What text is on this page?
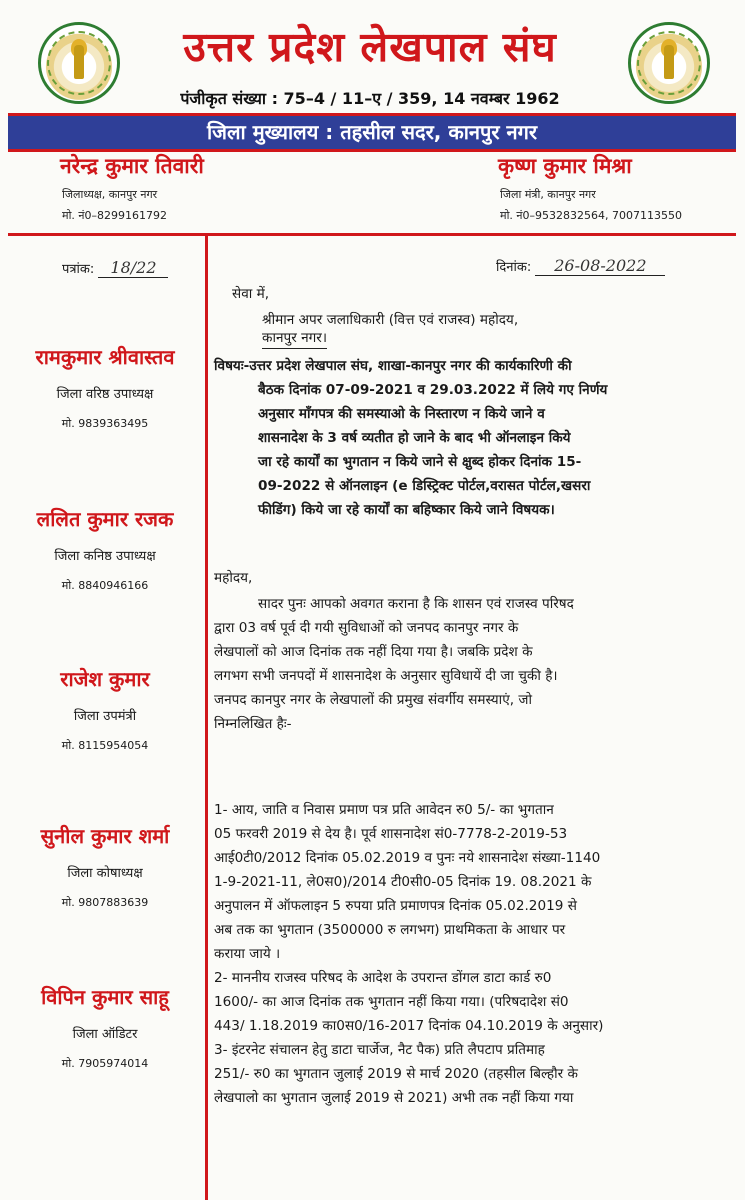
उत्तर प्रदेश लेखपाल संघ
पंजीकृत संख्या : 75–4 / 11–ए / 359, 14 नवम्बर 1962
जिला मुख्यालय : तहसील सदर, कानपुर नगर
नरेन्द्र कुमार तिवारी
जिलाध्यक्ष, कानपुर नगर
मो. नं0–8299161792
कृष्ण कुमार मिश्रा
जिला मंत्री, कानपुर नगर
मो. नं0–9532832564, 7007113550
पत्रांक: 18/22	दिनांक: 26-08-2022
रामकुमार श्रीवास्तव
जिला वरिष्ठ उपाध्यक्ष
मो. 9839363495
ललित कुमार रजक
जिला कनिष्ठ उपाध्यक्ष
मो. 8840946166
राजेश कुमार
जिला उपमंत्री
मो. 8115954054
सुनील कुमार शर्मा
जिला कोषाध्यक्ष
मो. 9807883639
विपिन कुमार साहू
जिला ऑडिटर
मो. 7905974014
सेवा में,
श्रीमान अपर जलाधिकारी (वित्त एवं राजस्व) महोदय,
कानपुर नगर।
विषयः-उत्तर प्रदेश लेखपाल संघ, शाखा-कानपुर नगर की कार्यकारिणी की
बैठक दिनांक 07-09-2021 व 29.03.2022 में लिये गए निर्णय
अनुसार माँगपत्र की समस्याओ के निस्तारण न किये जाने व
शासनादेश के 3 वर्ष व्यतीत हो जाने के बाद भी ऑनलाइन किये
जा रहे कार्यों का भुगतान न किये जाने से क्षुब्द होकर दिनांक 15-
09-2022 से ऑनलाइन (e डिस्ट्रिक्ट पोर्टल,वरासत पोर्टल,खसरा
फीडिंग) किये जा रहे कार्यों का बहिष्कार किये जाने विषयक।
महोदय,
सादर पुनः आपको अवगत कराना है कि शासन एवं राजस्व परिषद
द्वारा 03 वर्ष पूर्व दी गयी सुविधाओं को जनपद कानपुर नगर के
लेखपालों को आज दिनांक तक नहीं दिया गया है। जबकि प्रदेश के
लगभग सभी जनपदों में शासनादेश के अनुसार सुविधायें दी जा चुकी है।
जनपद कानपुर नगर के लेखपालों की प्रमुख संवर्गीय समस्याएं, जो
निम्नलिखित हैः-
1- आय, जाति व निवास प्रमाण पत्र प्रति आवेदन रु0 5/- का भुगतान
05 फरवरी 2019 से देय है। पूर्व शासनादेश सं0-7778-2-2019-53
आई0टी0/2012 दिनांक 05.02.2019 व पुनः नये शासनादेश संख्या-1140
1-9-2021-11, ले0स0)/2014 टी0सी0-05 दिनांक 19. 08.2021 के
अनुपालन में ऑफलाइन 5 रुपया प्रति प्रमाणपत्र दिनांक 05.02.2019 से
अब तक का भुगतान (3500000 रु लगभग) प्राथमिकता के आधार पर
कराया जाये ।
2- माननीय राजस्व परिषद के आदेश के उपरान्त डोंगल डाटा कार्ड रु0
1600/- का आज दिनांक तक भुगतान नहीं किया गया। (परिषदादेश सं0
443/ 1.18.2019 का0स0/16-2017 दिनांक 04.10.2019 के अनुसार)
3- इंटरनेट संचालन हेतु डाटा चार्जेज, नैट पैक) प्रति लैपटाप प्रतिमाह
251/- रु0 का भुगतान जुलाई 2019 से मार्च 2020 (तहसील बिल्हौर के
लेखपालो का भुगतान जुलाई 2019 से 2021) अभी तक नहीं किया गया
